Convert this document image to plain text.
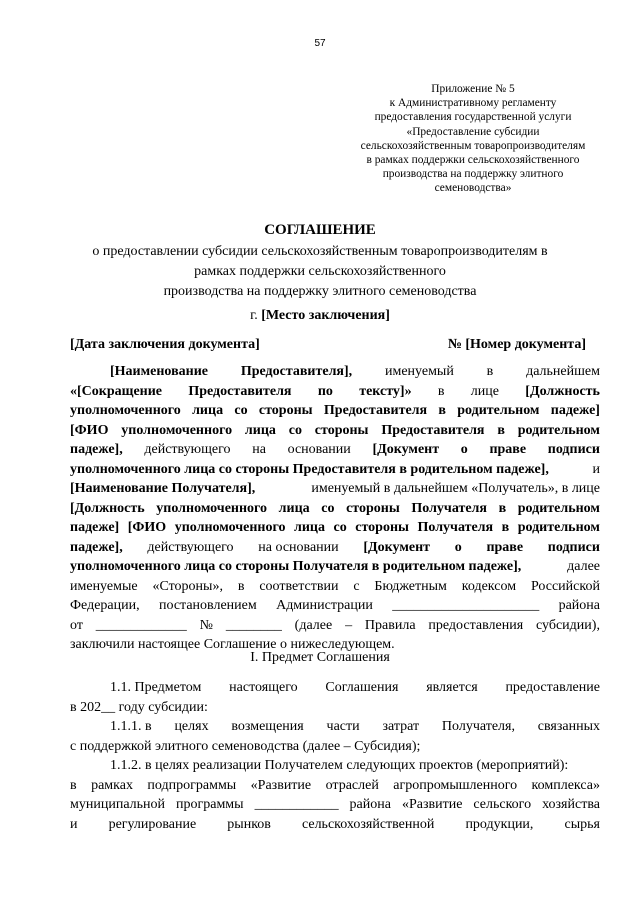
57
Приложение № 5
к Административному регламенту
предоставления государственной услуги
«Предоставление субсидии
сельскохозяйственным товаропроизводителям
в рамках поддержки сельскохозяйственного
производства на поддержку элитного
семеноводства»
СОГЛАШЕНИЕ
о предоставлении субсидии сельскохозяйственным товаропроизводителям в
рамках поддержки сельскохозяйственного
производства на поддержку элитного семеноводства
г. [Место заключения]
[Дата заключения документа]	№ [Номер документа]
[Наименование Предоставителя], именуемый в дальнейшем
«[Сокращение Предоставителя по тексту]» в лице [Должность
уполномоченного лица со стороны Предоставителя в родительном падеже]
[ФИО уполномоченного лица со стороны Предоставителя в родительном
падеже], действующего на основании [Документ о праве подписи
уполномоченного лица со стороны Предоставителя в родительном падеже],	и
[Наименование Получателя],	именуемый в дальнейшем «Получатель», в лице
[Должность уполномоченного лица со стороны Получателя в родительном
падеже] [ФИО уполномоченного лица со стороны Получателя в родительном
падеже], действующего на основании [Документ о праве подписи
уполномоченного лица со стороны Получателя в родительном падеже],	далее
именуемые «Стороны», в соответствии с Бюджетным кодексом Российской
Федерации, постановлением Администрации _____________________ района
от _____________ № ________ (далее – Правила предоставления субсидии),
заключили настоящее Соглашение о нижеследующем.
I. Предмет Соглашения
1.1. Предметом настоящего Соглашения является предоставление
в 202__ году субсидии:
1.1.1. в целях возмещения части затрат Получателя, связанных
с поддержкой элитного семеноводства (далее – Субсидия);
1.1.2. в целях реализации Получателем следующих проектов (мероприятий):
в рамках подпрограммы «Развитие отраслей агропромышленного комплекса»
муниципальной программы ____________ района «Развитие сельского хозяйства
и регулирование рынков сельскохозяйственной продукции, сырья
